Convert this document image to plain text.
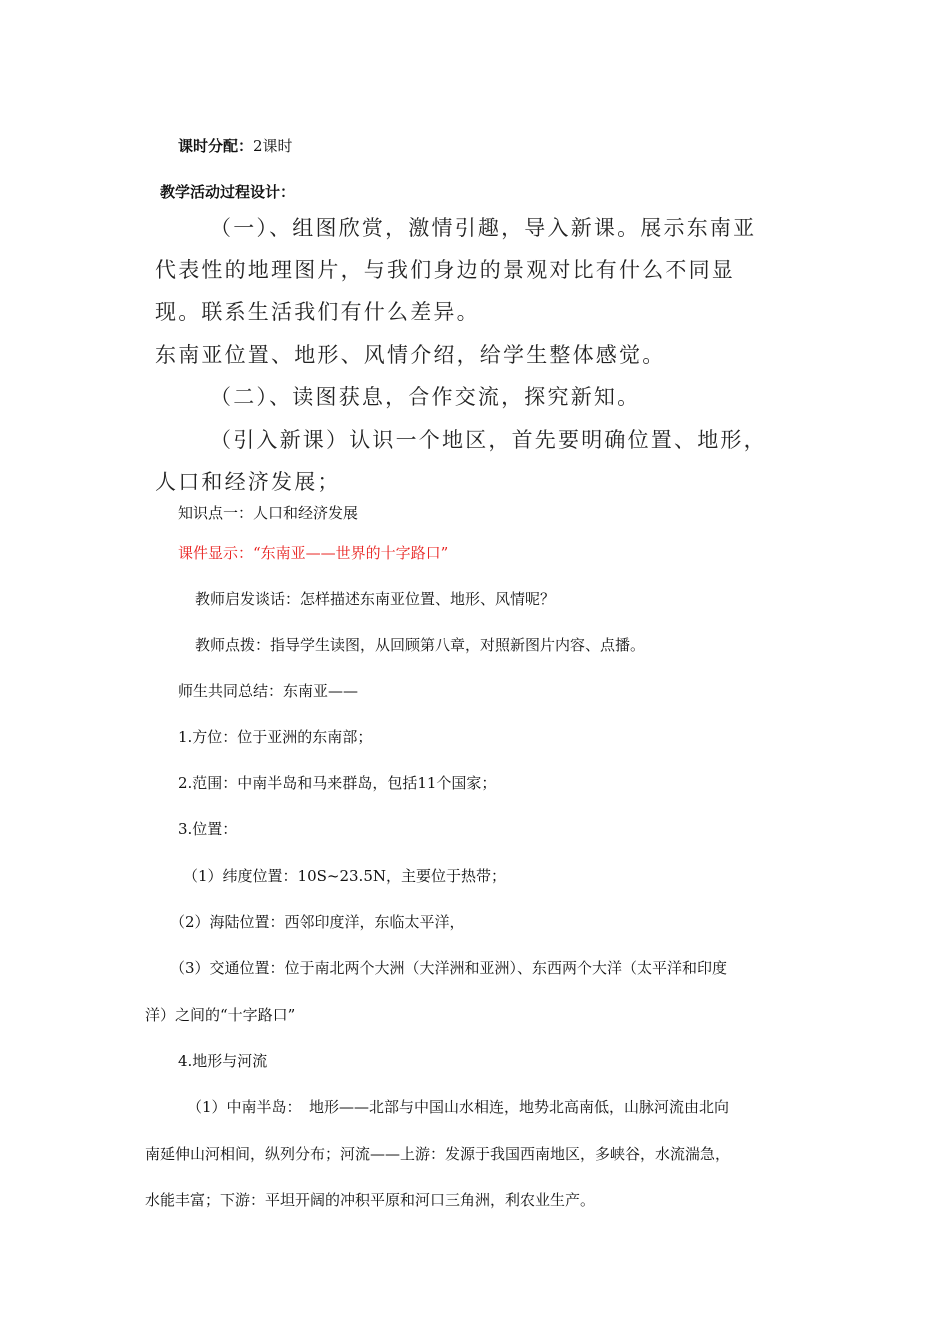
课时分配：2课时
教学活动过程设计：
（一）、组图欣赏，激情引趣，导入新课。展示东南亚
代表性的地理图片，与我们身边的景观对比有什么不同显
现。联系生活我们有什么差异。
东南亚位置、地形、风情介绍，给学生整体感觉。
（二）、读图获息，合作交流，探究新知。
（引入新课）认识一个地区，首先要明确位置、地形，
人口和经济发展；
知识点一：人口和经济发展
课件显示：“东南亚——世界的十字路口”
教师启发谈话：怎样描述东南亚位置、地形、风情呢？
教师点拨：指导学生读图，从回顾第八章，对照新图片内容、点播。
师生共同总结：东南亚——
1.方位：位于亚洲的东南部；
2.范围：中南半岛和马来群岛，包括11个国家；
3.位置：
（1）纬度位置：10S~23.5N，主要位于热带；
（2）海陆位置：西邻印度洋，东临太平洋，
（3）交通位置：位于南北两个大洲（大洋洲和亚洲）、东西两个大洋（太平洋和印度
洋）之间的“十字路口”
4.地形与河流
（1）中南半岛：　地形——北部与中国山水相连，地势北高南低，山脉河流由北向
南延伸山河相间，纵列分布；河流——上游：发源于我国西南地区，多峡谷，水流湍急，
水能丰富；下游：平坦开阔的冲积平原和河口三角洲，利农业生产。
